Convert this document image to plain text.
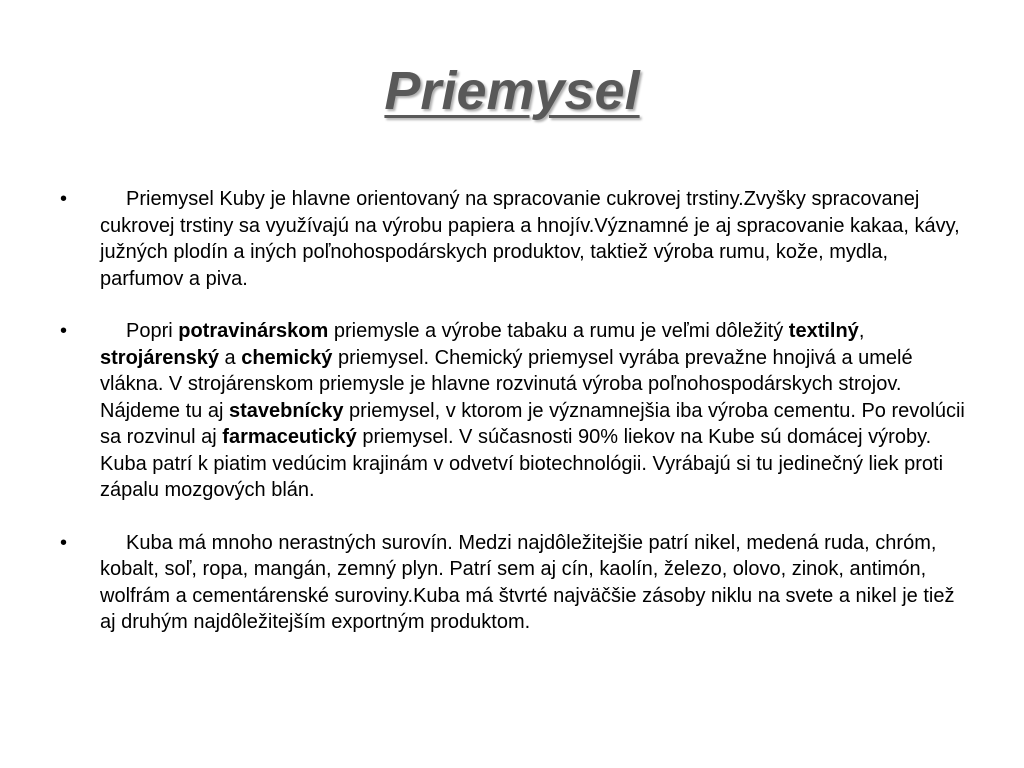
Priemysel
•	Priemysel Kuby je hlavne orientovaný na spracovanie cukrovej trstiny.Zvyšky spracovanej cukrovej trstiny sa využívajú na výrobu papiera a hnojív.Významné je aj spracovanie kakaa, kávy, južných plodín a iných poľnohospodárskych produktov, taktiež výroba rumu, kože, mydla, parfumov a piva.
•	Popri potravinárskom priemysle a výrobe tabaku a rumu je veľmi dôležitý textilný, strojárenský a chemický priemysel. Chemický priemysel vyrába prevažne hnojivá a umelé vlákna. V strojárenskom priemysle je hlavne rozvinutá výroba poľnohospodárskych strojov. Nájdeme tu aj stavebnícky priemysel, v ktorom je významnejšia iba výroba cementu. Po revolúcii sa rozvinul aj farmaceutický priemysel. V súčasnosti 90% liekov na Kube sú domácej výroby. Kuba patrí k piatim vedúcim krajinám v odvetví biotechnológii. Vyrábajú si tu jedinečný liek proti zápalu mozgových blán.
•	Kuba má mnoho nerastných surovín. Medzi najdôležitejšie patrí nikel, medená ruda, chróm, kobalt, soľ, ropa, mangán, zemný plyn. Patrí sem aj cín, kaolín, železo, olovo, zinok, antimón, wolfrám a cementárenské suroviny.Kuba má štvrté najväčšie zásoby niklu na svete a nikel je tiež aj druhým najdôležitejším exportným produktom.
